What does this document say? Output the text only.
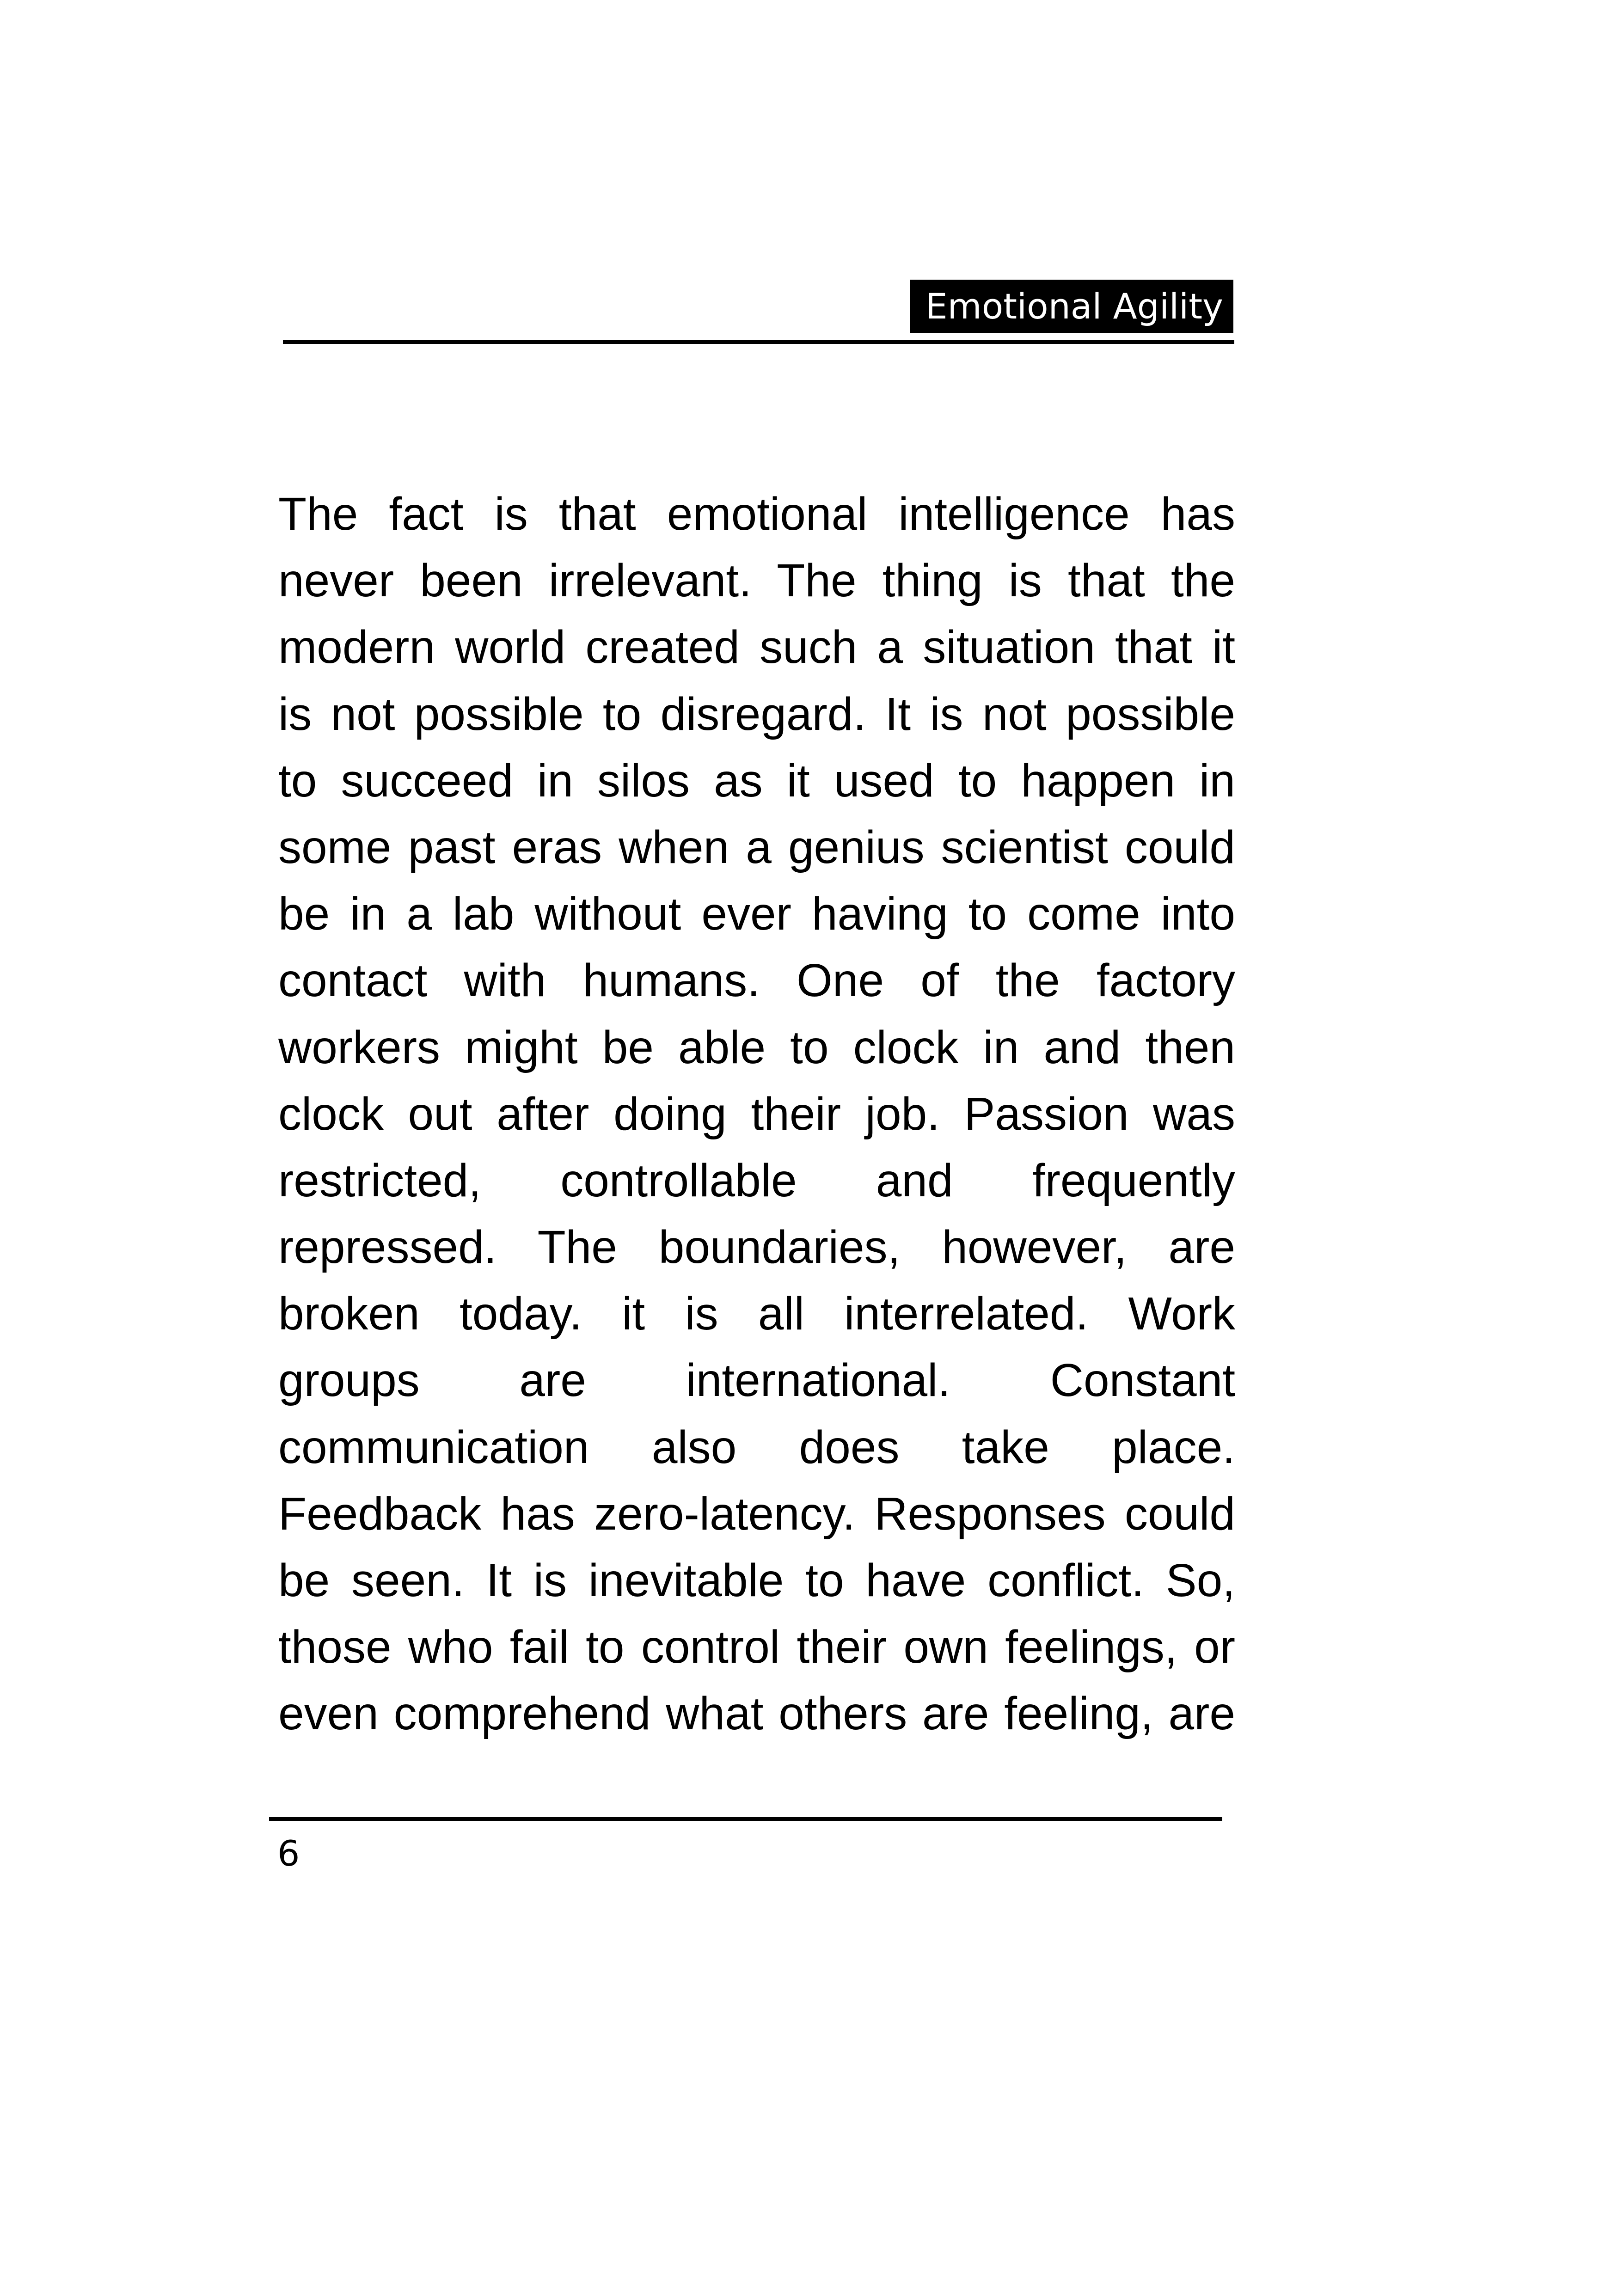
Emotional Agility
The fact is that emotional intelligence has
never been irrelevant. The thing is that the
modern world created such a situation that it
is not possible to disregard. It is not possible
to succeed in silos as it used to happen in
some past eras when a genius scientist could
be in a lab without ever having to come into
contact with humans. One of the factory
workers might be able to clock in and then
clock out after doing their job. Passion was
restricted, controllable and frequently
repressed. The boundaries, however, are
broken today. it is all interrelated. Work
groups are international. Constant
communication also does take place.
Feedback has zero-latency. Responses could
be seen. It is inevitable to have conflict. So,
those who fail to control their own feelings, or
even comprehend what others are feeling, are
6
